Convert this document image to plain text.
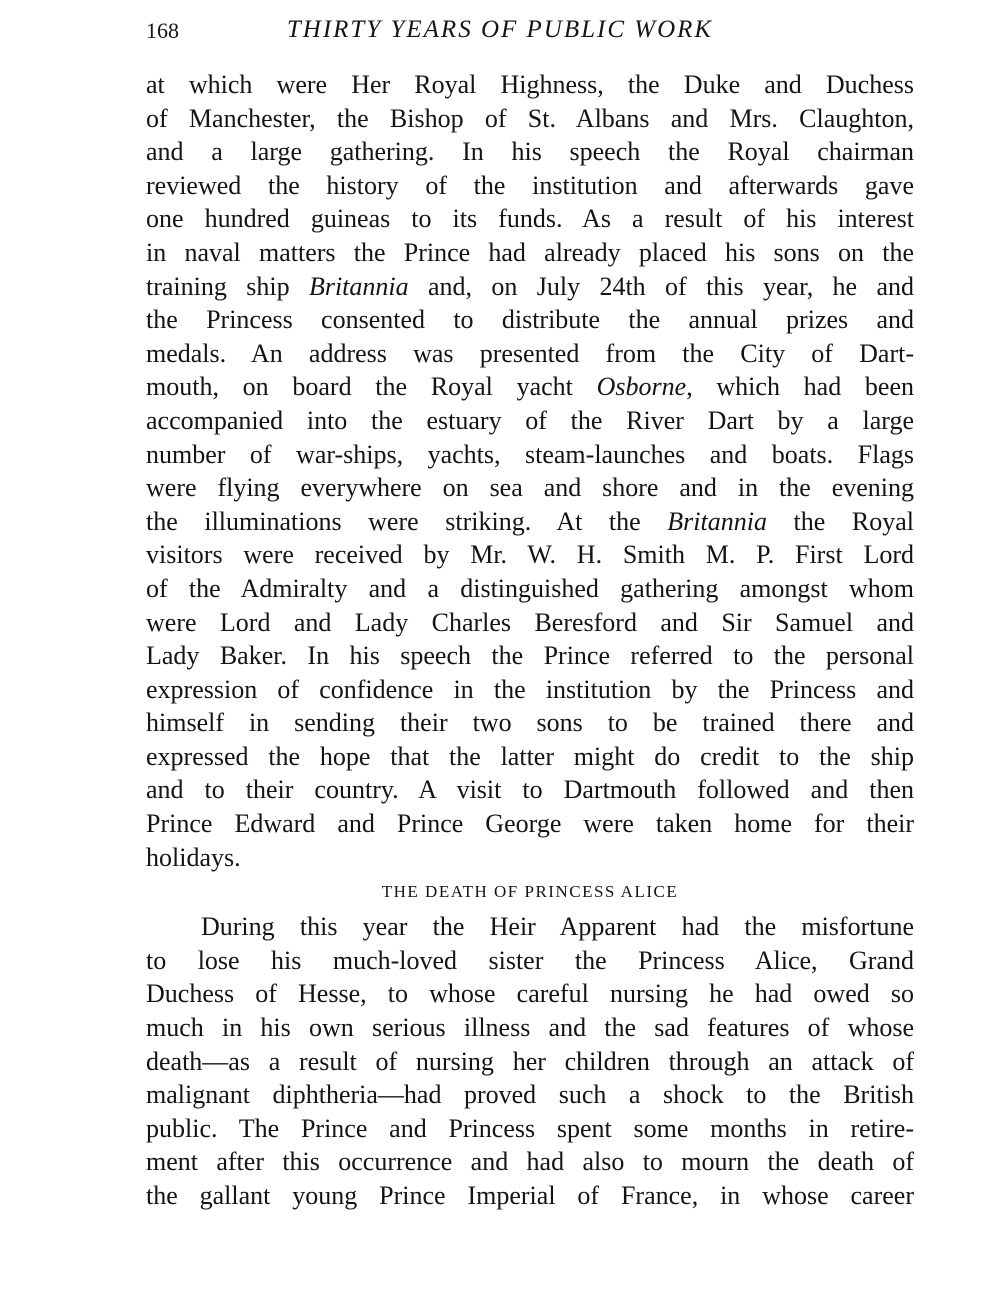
168	THIRTY YEARS OF PUBLIC WORK
at which were Her Royal Highness, the Duke and Duchess
of Manchester, the Bishop of St. Albans and Mrs. Claughton,
and a large gathering. In his speech the Royal chairman
reviewed the history of the institution and afterwards gave
one hundred guineas to its funds. As a result of his interest
in naval matters the Prince had already placed his sons on the
training ship Britannia and, on July 24th of this year, he and
the Princess consented to distribute the annual prizes and
medals. An address was presented from the City of Dart-
mouth, on board the Royal yacht Osborne, which had been
accompanied into the estuary of the River Dart by a large
number of war-ships, yachts, steam-launches and boats. Flags
were flying everywhere on sea and shore and in the evening
the illuminations were striking. At the Britannia the Royal
visitors were received by Mr. W. H. Smith M. P. First Lord
of the Admiralty and a distinguished gathering amongst whom
were Lord and Lady Charles Beresford and Sir Samuel and
Lady Baker. In his speech the Prince referred to the personal
expression of confidence in the institution by the Princess and
himself in sending their two sons to be trained there and
expressed the hope that the latter might do credit to the ship
and to their country. A visit to Dartmouth followed and then
Prince Edward and Prince George were taken home for their
holidays.
THE DEATH OF PRINCESS ALICE
During this year the Heir Apparent had the misfortune
to lose his much-loved sister the Princess Alice, Grand
Duchess of Hesse, to whose careful nursing he had owed so
much in his own serious illness and the sad features of whose
death—as a result of nursing her children through an attack of
malignant diphtheria—had proved such a shock to the British
public. The Prince and Princess spent some months in retire-
ment after this occurrence and had also to mourn the death of
the gallant young Prince Imperial of France, in whose career
